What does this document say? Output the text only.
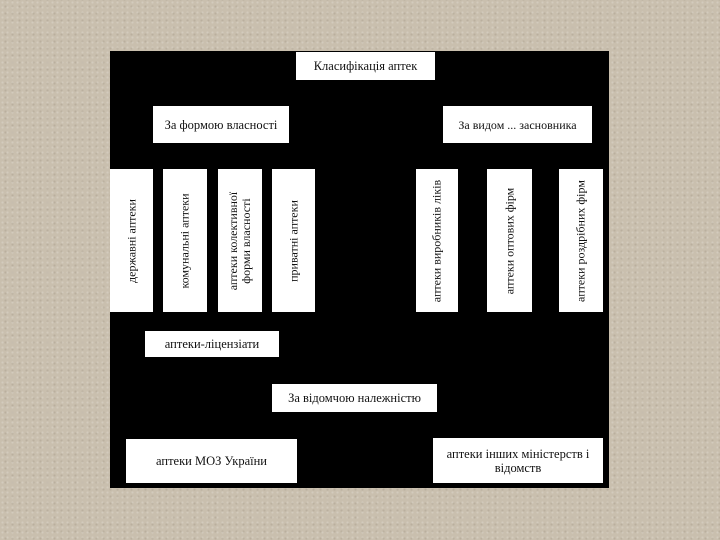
Класифікація аптек
За формою власності	За видом ... засновника
державні аптеки	комунальні аптеки	аптеки колективної форми власності	приватні аптеки	аптеки виробників ліків	аптеки оптових фірм	аптеки роздрібних фірм
аптеки-ліцензіати
За відомчою належністю
аптеки МОЗ України
аптеки інших міністерств і відомств
